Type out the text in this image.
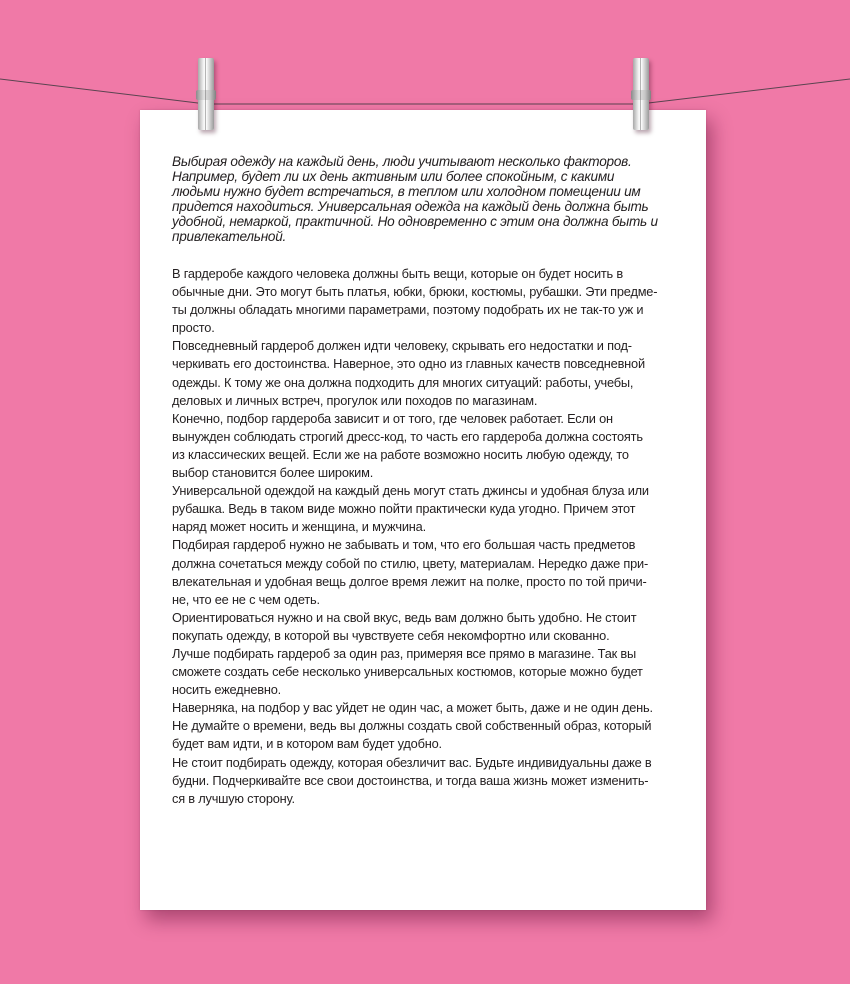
Выбирая одежду на каждый день, люди учитывают несколько факторов.
Например, будет ли их день активным или более спокойным, с какими
людьми нужно будет встречаться, в теплом или холодном помещении им
придется находиться. Универсальная одежда на каждый день должна быть
удобной, немаркой, практичной. Но одновременно с этим она должна быть и
привлекательной.

В гардеробе каждого человека должны быть вещи, которые он будет носить в
обычные дни. Это могут быть платья, юбки, брюки, костюмы, рубашки. Эти предме-
ты должны обладать многими параметрами, поэтому подобрать их не так-то уж и
просто.

Повседневный гардероб должен идти человеку, скрывать его недостатки и под-
черкивать его достоинства. Наверное, это одно из главных качеств повседневной
одежды. К тому же она должна подходить для многих ситуаций: работы, учебы,
деловых и личных встреч, прогулок или походов по магазинам.

Конечно, подбор гардероба зависит и от того, где человек работает. Если он
вынужден соблюдать строгий дресс-код, то часть его гардероба должна состоять
из классических вещей. Если же на работе возможно носить любую одежду, то
выбор становится более широким.

Универсальной одеждой на каждый день могут стать джинсы и удобная блуза или
рубашка. Ведь в таком виде можно пойти практически куда угодно. Причем этот
наряд может носить и женщина, и мужчина.

Подбирая гардероб нужно не забывать и том, что его большая часть предметов
должна сочетаться между собой по стилю, цвету, материалам. Нередко даже при-
влекательная и удобная вещь долгое время лежит на полке, просто по той причи-
не, что ее не с чем одеть.

Ориентироваться нужно и на свой вкус, ведь вам должно быть удобно. Не стоит
покупать одежду, в которой вы чувствуете себя некомфортно или скованно.

Лучше подбирать гардероб за один раз, примеряя все прямо в магазине. Так вы
сможете создать себе несколько универсальных костюмов, которые можно будет
носить ежедневно.

Наверняка, на подбор у вас уйдет не один час, а может быть, даже и не один день.
Не думайте о времени, ведь вы должны создать свой собственный образ, который
будет вам идти, и в котором вам будет удобно.

Не стоит подбирать одежду, которая обезличит вас. Будьте индивидуальны даже в
будни. Подчеркивайте все свои достоинства, и тогда ваша жизнь может изменить-
ся в лучшую сторону.
